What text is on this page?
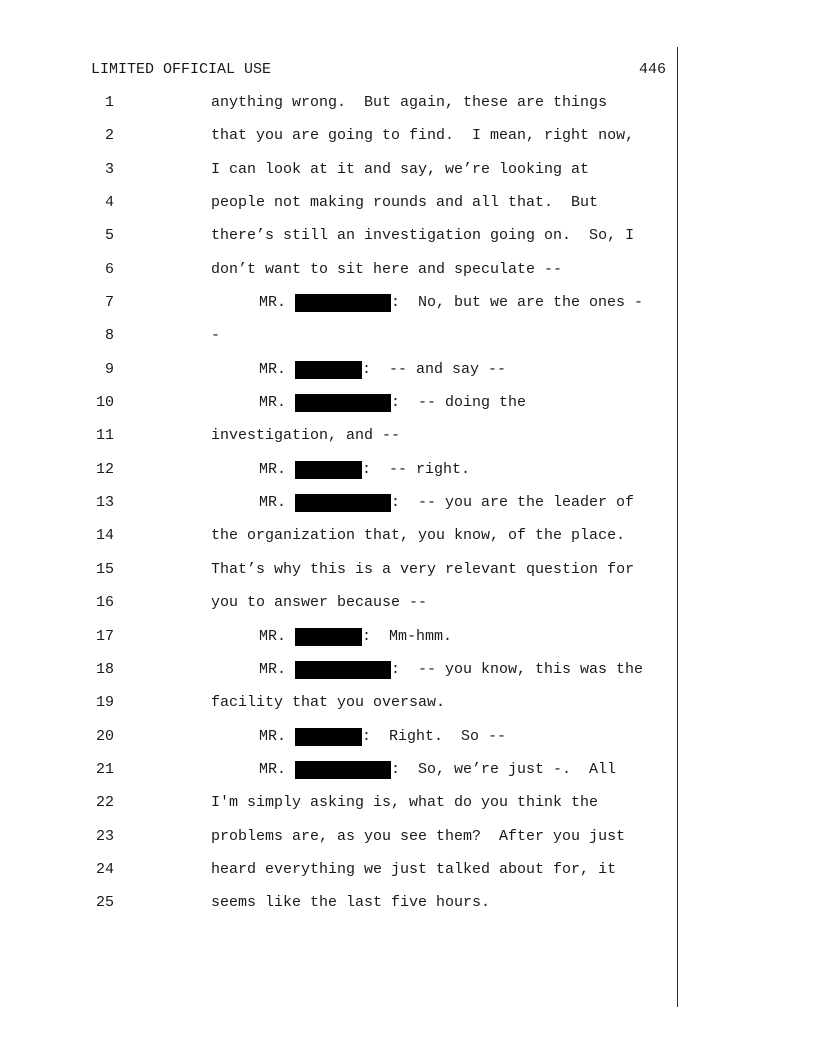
LIMITED OFFICIAL USE	446
1	anything wrong.  But again, these are things
2	that you are going to find.  I mean, right now,
3	I can look at it and say, we’re looking at
4	people not making rounds and all that.  But
5	there’s still an investigation going on.  So, I
6	don’t want to sit here and speculate --
7	MR.	:  No, but we are the ones -
8	-
9	MR.	:  -- and say --
10	MR.	:  -- doing the
11	investigation, and --
12	MR.	:  -- right.
13	MR.	:  -- you are the leader of
14	the organization that, you know, of the place.
15	That’s why this is a very relevant question for
16	you to answer because --
17	MR.	:  Mm-hmm.
18	MR.	:  -- you know, this was the
19	facility that you oversaw.
20	MR.	:  Right.  So --
21	MR.	:  So, we’re just -.  All
22	I'm simply asking is, what do you think the
23	problems are, as you see them?  After you just
24	heard everything we just talked about for, it
25	seems like the last five hours.
